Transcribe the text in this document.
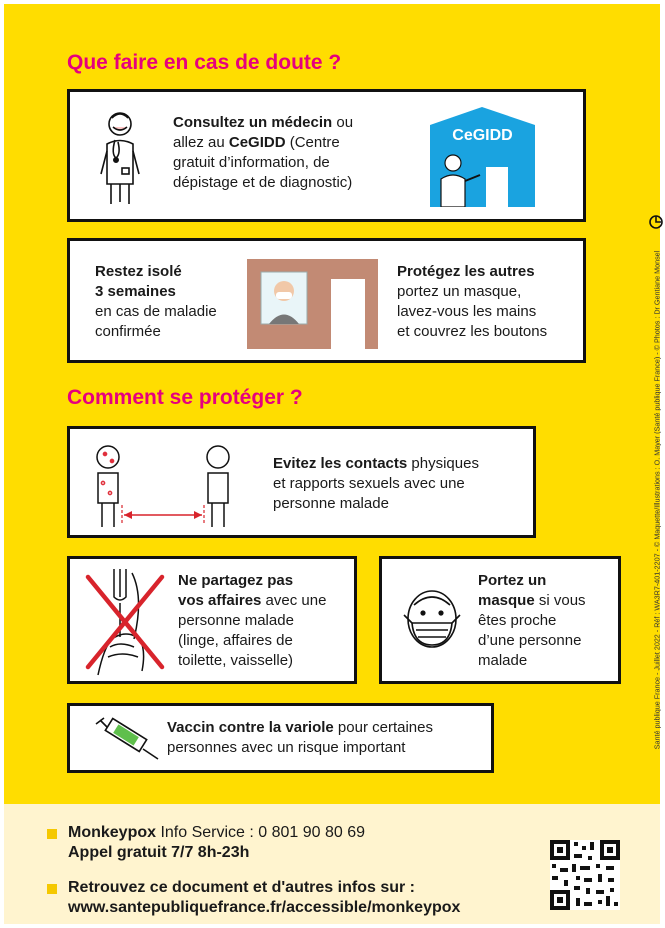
Que faire en cas de doute ?
Consultez un médecin ou
allez au CeGIDD (Centre
gratuit d’information, de
dépistage et de diagnostic)
CeGIDD
Restez isolé
3 semaines
en cas de maladie
confirmée
Protégez les autres
portez un masque,
lavez-vous les mains
et couvrez les boutons
Comment se protéger ?
Evitez les contacts physiques
et rapports sexuels avec une
personne malade
Ne partagez pas
vos affaires avec une
personne malade
(linge, affaires de
toilette, vaisselle)
Portez un
masque si vous
êtes proche
d’une personne
malade
Vaccin contre la variole pour certaines
personnes avec un risque important	Santé publique France - Juillet 2022 - Réf : WA3R7-401-2207 - © Maquette/Illustrations : O. Mayer (Santé publique France) - © Photos : Dr Gentiane Monsel
Monkeypox Info Service : 0 801 90 80 69
Appel gratuit 7/7 8h-23h
Retrouvez ce document et d'autres infos sur :
www.santepubliquefrance.fr/accessible/monkeypox
